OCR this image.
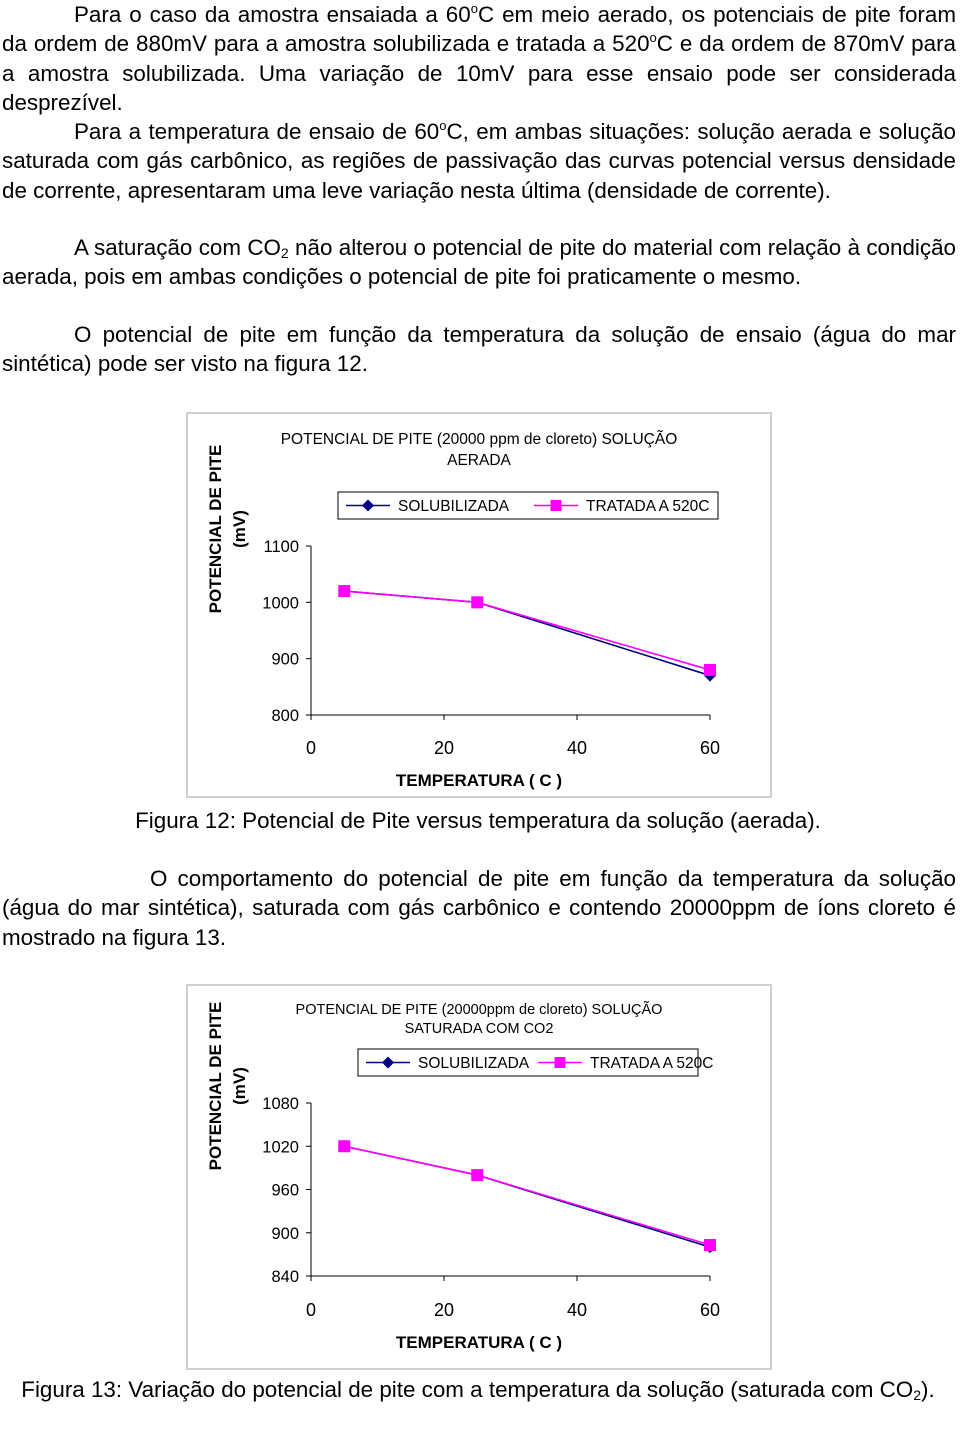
Para o caso da amostra ensaiada a 60$^o$C em meio aerado, os potenciais de pite foram da ordem de 880mV para a amostra solubilizada e tratada a 520$^o$C e da ordem de 870mV para a amostra solubilizada. Uma variação de 10mV para esse ensaio pode ser considerada desprezível.
Para a temperatura de ensaio de 60$^o$C, em ambas situações: solução aerada e solução saturada com gás carbônico, as regiões de passivação das curvas potencial versus densidade de corrente, apresentaram uma leve variação nesta última (densidade de corrente).
A saturação com $CO_2$ não alterou o potencial de pite do material com relação à condição aerada, pois em ambas condições o potencial de pite foi praticamente o mesmo.
O potencial de pite em função da temperatura da solução de ensaio (água do mar sintética) pode ser visto na figura 12.
POTENCIAL DE PITE (20000 ppm de cloreto) SOLUÇÃO
AERADA
SOLUBILIZADA	TRATADA A 520C
800
900
1000
1100
0	20	40	60
TEMPERATURA ( C )
POTENCIAL DE PITE (mV)
Figura 12: Potencial de Pite versus temperatura da solução (aerada).
O comportamento do potencial de pite em função da temperatura da solução (água do mar sintética), saturada com gás carbônico e contendo 20000ppm de íons cloreto é mostrado na figura 13.
POTENCIAL DE PITE (20000ppm de cloreto) SOLUÇÃO
SATURADA COM CO2
SOLUBILIZADA	TRATADA A 520C
840
900
960
1020
1080
0	20	40	60
TEMPERATURA ( C )
POTENCIAL DE PITE (mV)
Figura 13: Variação do potencial de pite com a temperatura da solução (saturada com $CO_2$).
